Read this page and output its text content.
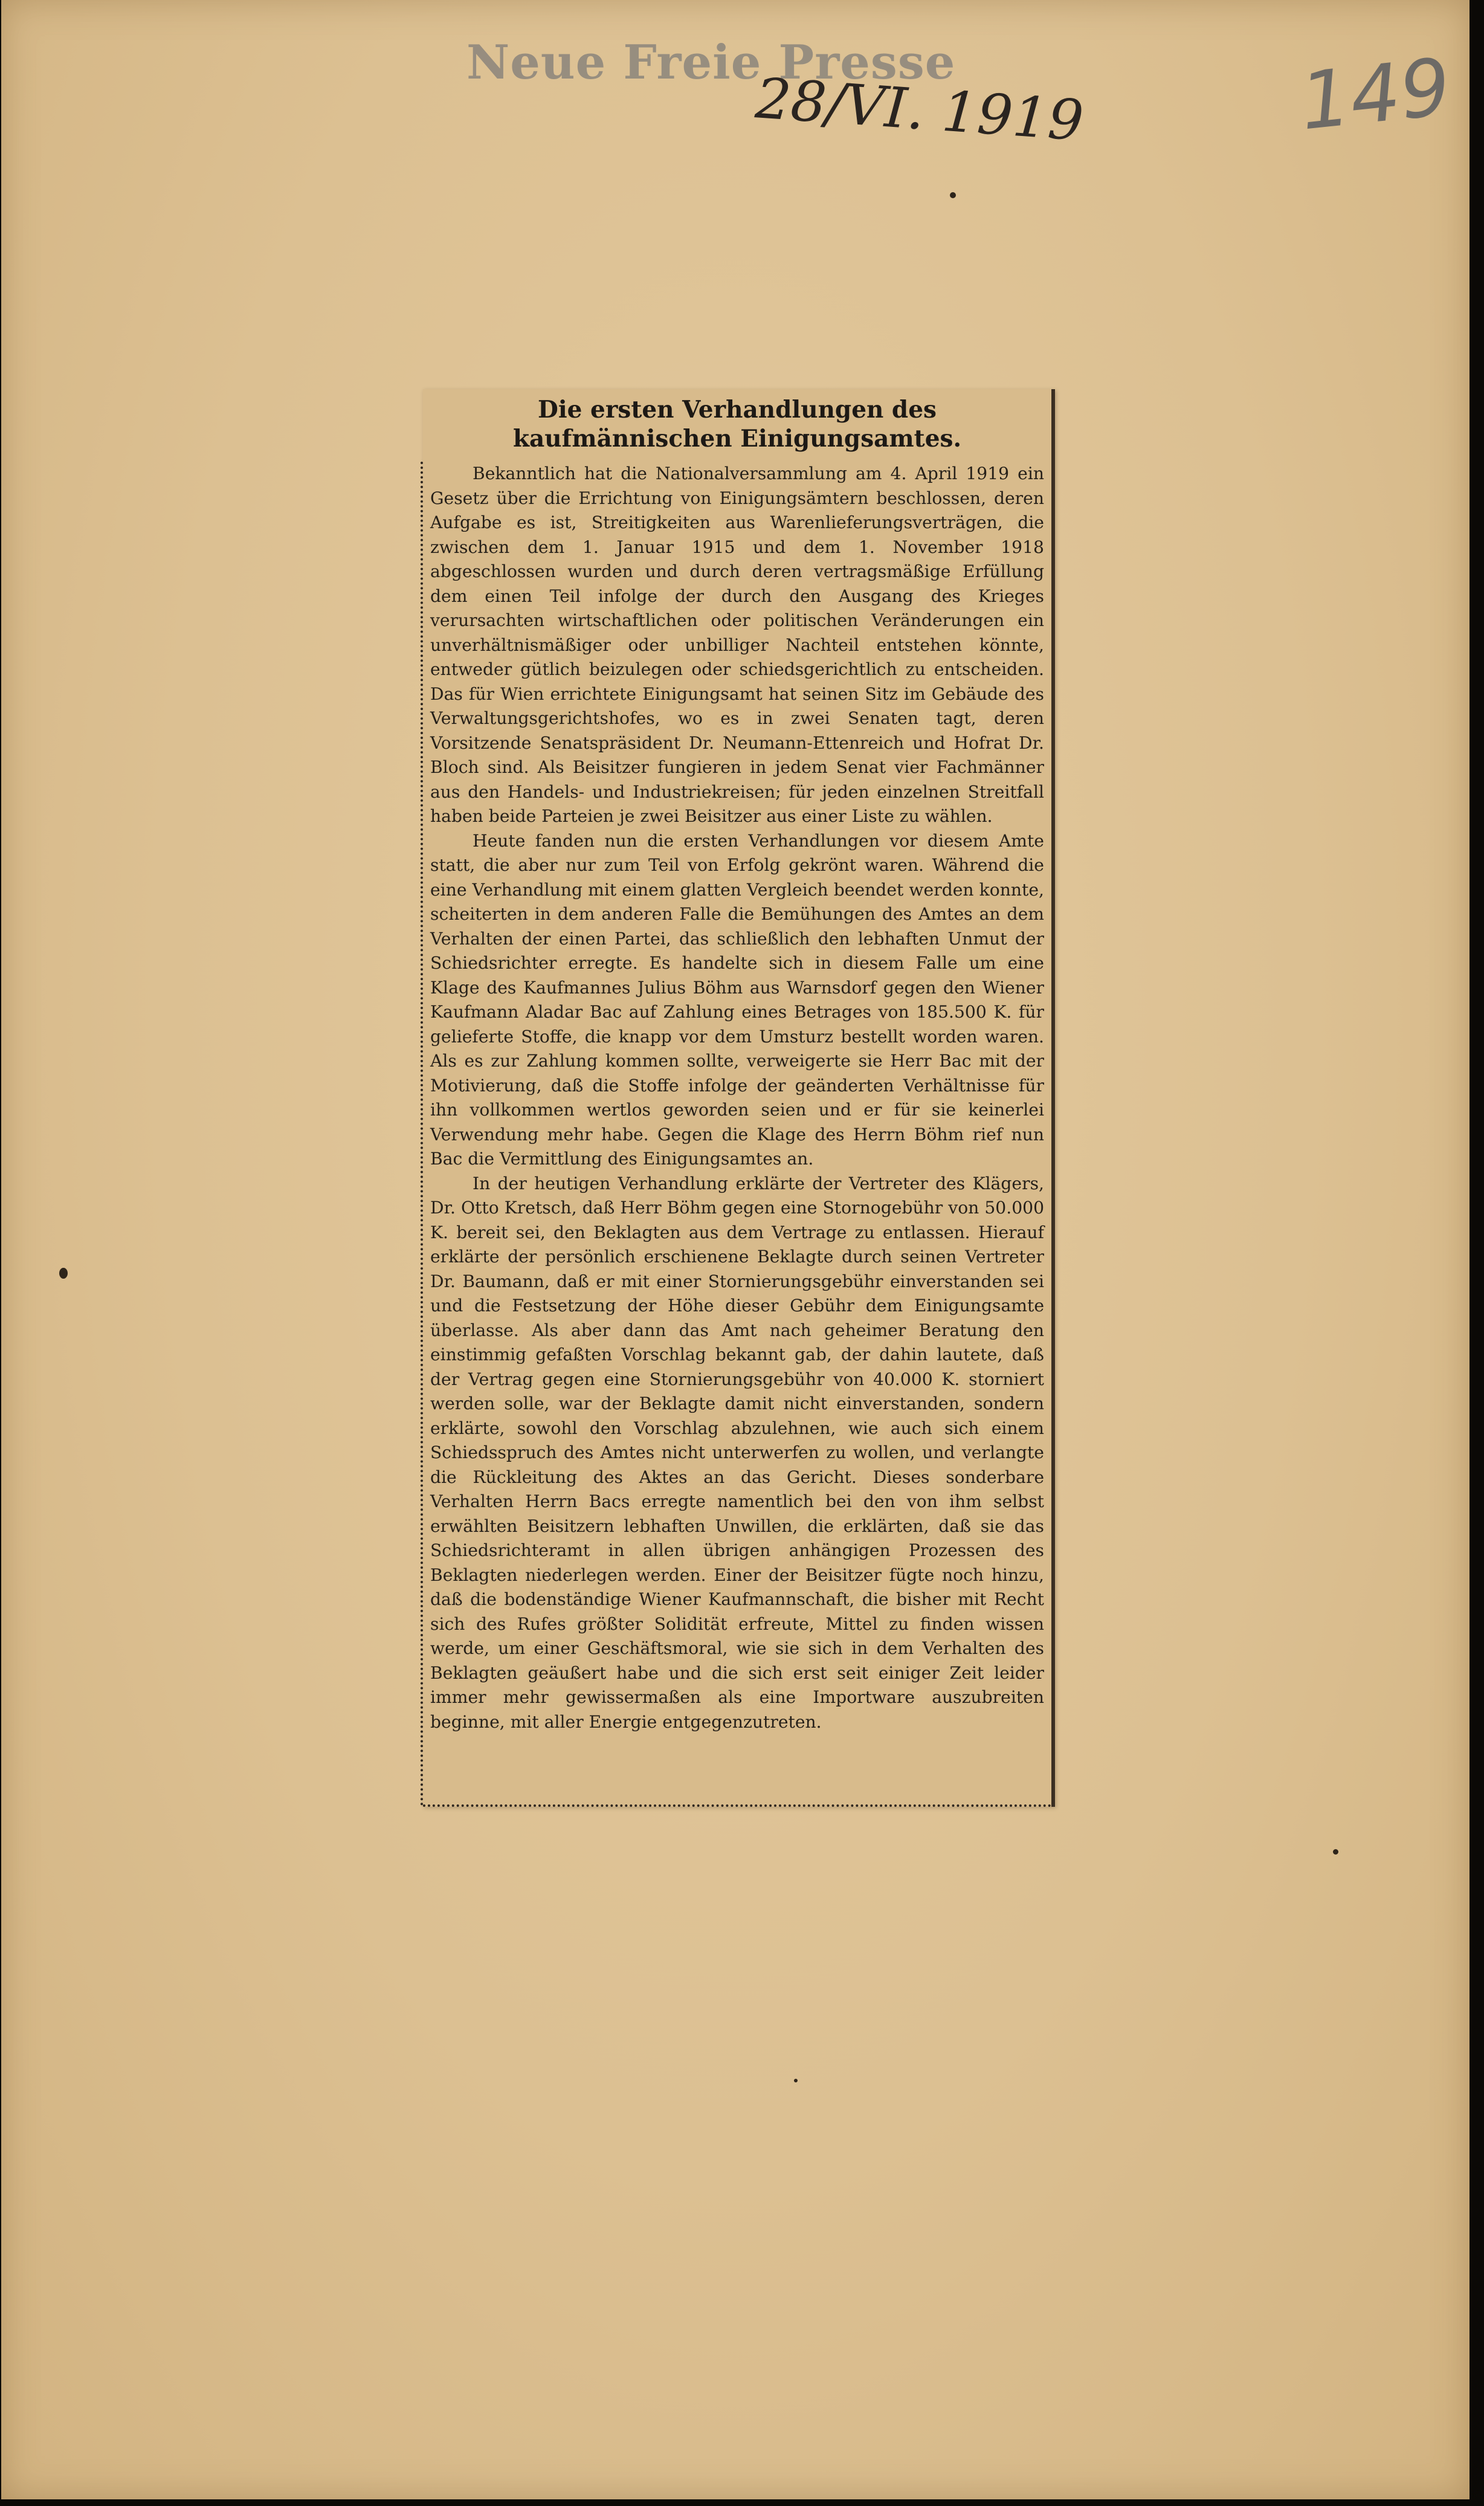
Neue Freie Presse
28/VI. 1919	149
Die ersten Verhandlungen des kaufmännischen Einigungsamtes.

Bekanntlich hat die Nationalversammlung am 4. April 1919 ein Gesetz über die Errichtung von Einigungsämtern beschlossen, deren Aufgabe es ist, Streitigkeiten aus Warenlieferungsverträgen, die zwischen dem 1. Januar 1915 und dem 1. November 1918 abgeschlossen wurden und durch deren vertragsmäßige Erfüllung dem einen Teil infolge der durch den Ausgang des Krieges verursachten wirtschaftlichen oder politischen Veränderungen ein unverhältnismäßiger oder unbilliger Nachteil entstehen könnte, entweder gütlich beizulegen oder schiedsgerichtlich zu entscheiden. Das für Wien errichtete Einigungsamt hat seinen Sitz im Gebäude des Verwaltungsgerichtshofes, wo es in zwei Senaten tagt, deren Vorsitzende Senatspräsident Dr. Neumann-Ettenreich und Hofrat Dr. Bloch sind. Als Beisitzer fungieren in jedem Senat vier Fachmänner aus den Handels- und Industriekreisen; für jeden einzelnen Streitfall haben beide Parteien je zwei Beisitzer aus einer Liste zu wählen.

Heute fanden nun die ersten Verhandlungen vor diesem Amte statt, die aber nur zum Teil von Erfolg gekrönt waren. Während die eine Verhandlung mit einem glatten Vergleich beendet werden konnte, scheiterten in dem anderen Falle die Bemühungen des Amtes an dem Verhalten der einen Partei, das schließlich den lebhaften Unmut der Schiedsrichter erregte. Es handelte sich in diesem Falle um eine Klage des Kaufmannes Julius Böhm aus Warnsdorf gegen den Wiener Kaufmann Aladar Bac auf Zahlung eines Betrages von 185.500 K. für gelieferte Stoffe, die knapp vor dem Umsturz bestellt worden waren. Als es zur Zahlung kommen sollte, verweigerte sie Herr Bac mit der Motivierung, daß die Stoffe infolge der geänderten Verhältnisse für ihn vollkommen wertlos geworden seien und er für sie keinerlei Verwendung mehr habe. Gegen die Klage des Herrn Böhm rief nun Bac die Vermittlung des Einigungsamtes an.

In der heutigen Verhandlung erklärte der Vertreter des Klägers, Dr. Otto Kretsch, daß Herr Böhm gegen eine Stornogebühr von 50.000 K. bereit sei, den Beklagten aus dem Vertrage zu entlassen. Hierauf erklärte der persönlich erschienene Beklagte durch seinen Vertreter Dr. Baumann, daß er mit einer Stornierungsgebühr einverstanden sei und die Festsetzung der Höhe dieser Gebühr dem Einigungsamte überlasse. Als aber dann das Amt nach geheimer Beratung den einstimmig gefaßten Vorschlag bekannt gab, der dahin lautete, daß der Vertrag gegen eine Stornierungsgebühr von 40.000 K. storniert werden solle, war der Beklagte damit nicht einverstanden, sondern erklärte, sowohl den Vorschlag abzulehnen, wie auch sich einem Schiedsspruch des Amtes nicht unterwerfen zu wollen, und verlangte die Rückleitung des Aktes an das Gericht. Dieses sonderbare Verhalten Herrn Bacs erregte namentlich bei den von ihm selbst erwählten Beisitzern lebhaften Unwillen, die erklärten, daß sie das Schiedsrichteramt in allen übrigen anhängigen Prozessen des Beklagten niederlegen werden. Einer der Beisitzer fügte noch hinzu, daß die bodenständige Wiener Kaufmannschaft, die bisher mit Recht sich des Rufes größter Solidität erfreute, Mittel zu finden wissen werde, um einer Geschäftsmoral, wie sie sich in dem Verhalten des Beklagten geäußert habe und die sich erst seit einiger Zeit leider immer mehr gewissermaßen als eine Importware auszubreiten beginne, mit aller Energie entgegenzutreten.
